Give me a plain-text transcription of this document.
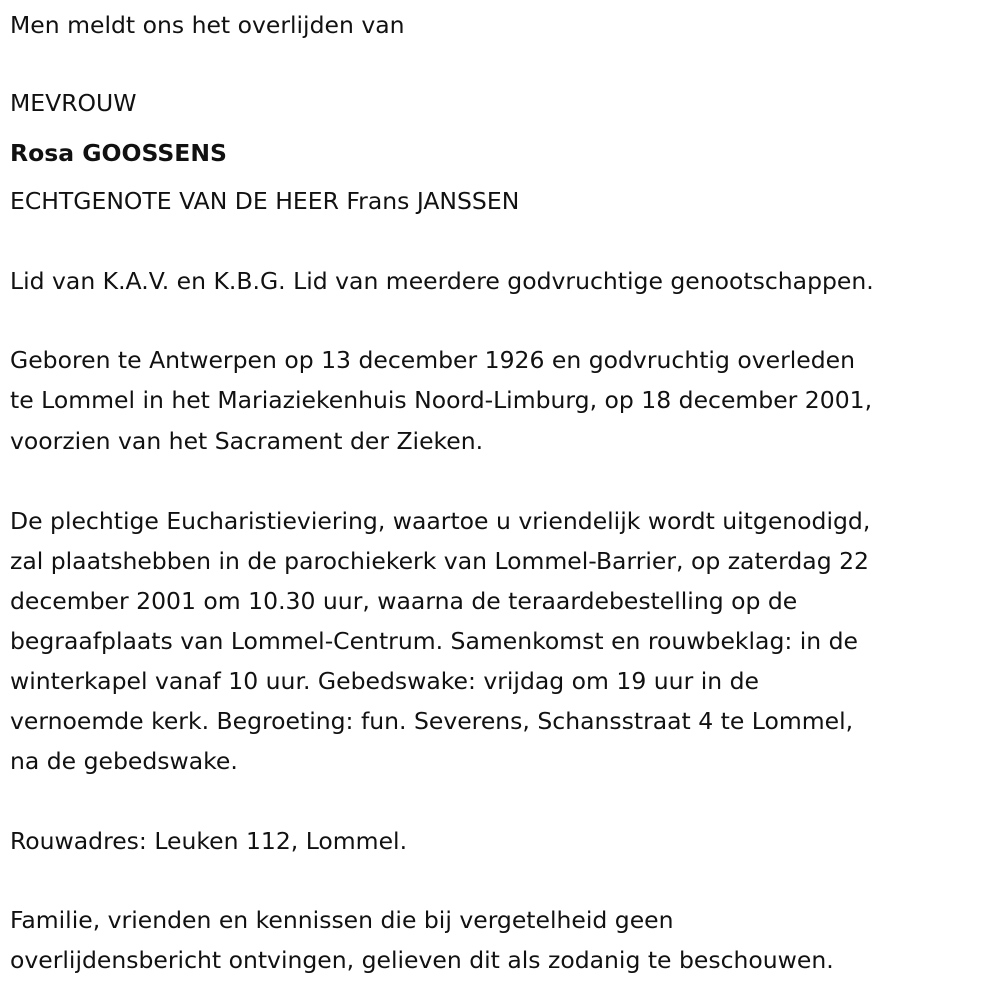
Men meldt ons het overlijden van
MEVROUW
Rosa GOOSSENS
ECHTGENOTE VAN DE HEER Frans JANSSEN
Lid van K.A.V. en K.B.G. Lid van meerdere godvruchtige genootschappen.
Geboren te Antwerpen op 13 december 1926 en godvruchtig overleden
te Lommel in het Mariaziekenhuis Noord-Limburg, op 18 december 2001,
voorzien van het Sacrament der Zieken.
De plechtige Eucharistieviering, waartoe u vriendelijk wordt uitgenodigd,
zal plaatshebben in de parochiekerk van Lommel-Barrier, op zaterdag 22
december 2001 om 10.30 uur, waarna de teraardebestelling op de
begraafplaats van Lommel-Centrum. Samenkomst en rouwbeklag: in de
winterkapel vanaf 10 uur. Gebedswake: vrijdag om 19 uur in de
vernoemde kerk. Begroeting: fun. Severens, Schansstraat 4 te Lommel,
na de gebedswake.
Rouwadres: Leuken 112, Lommel.
Familie, vrienden en kennissen die bij vergetelheid geen
overlijdensbericht ontvingen, gelieven dit als zodanig te beschouwen.
